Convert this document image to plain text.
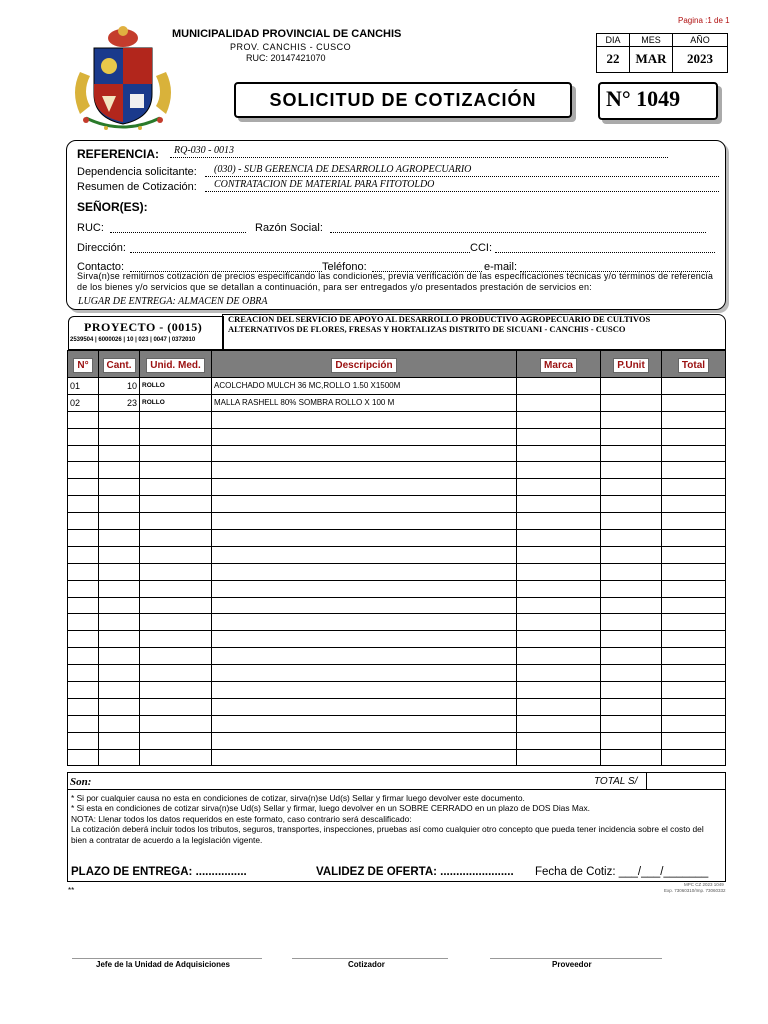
Pagina :1 de 1
MUNICIPALIDAD PROVINCIAL DE CANCHIS
PROV. CANCHIS - CUSCO
RUC: 20147421070
DIA	MES	AÑO
22	MAR	2023
SOLICITUD DE COTIZACIÓN	N° 1049
REFERENCIA: RQ-030 - 0013
Dependencia solicitante: (030) - SUB GERENCIA DE DESARROLLO AGROPECUARIO
Resumen de Cotización: CONTRATACION DE MATERIAL PARA FITOTOLDO
SEÑOR(ES):
RUC:	Razón Social:
Dirección:	CCI:
Contacto:	Teléfono:	e-mail:
Sirva(n)se remitirnos cotización de precios especificando las condiciones, previa verificación de las especificaciones técnicas y/o términos de referencia de los bienes y/o servicios que se detallan a continuación, para ser entregados y/o presentados prestación de servicios en:
LUGAR DE ENTREGA: ALMACEN DE OBRA
PROYECTO - (0015)
2539504 | 6000026 | 10 | 023 | 0047 | 0372010
CREACION DEL SERVICIO DE APOYO AL DESARROLLO PRODUCTIVO AGROPECUARIO DE CULTIVOS ALTERNATIVOS DE FLORES, FRESAS Y HORTALIZAS DISTRITO DE SICUANI - CANCHIS - CUSCO
N°	Cant.	Unid. Med.	Descripción	Marca	P.Unit	Total
01	10	ROLLO	ACOLCHADO MULCH 36 MC,ROLLO 1.50 X1500M			
02	23	ROLLO	MALLA RASHELL 80% SOMBRA ROLLO X 100 M			

Son:	TOTAL S/
* Si por cualquier causa no esta en condiciones de cotizar, sirva(n)se Ud(s) Sellar y firmar luego devolver este documento.
* Si esta en condiciones de cotizar sirva(n)se Ud(s) Sellar y firmar, luego devolver en un SOBRE CERRADO en un plazo de DOS Dias Max.
NOTA: Llenar todos los datos requeridos en este formato, caso contrario será descalificado:
La cotización deberá incluir todos los tributos, seguros, transportes, inspecciones, pruebas así como cualquier otro concepto que pueda tener incidencia sobre el costo del bien a contratar de acuerdo a la legislación vigente.
PLAZO DE ENTREGA: ................	VALIDEZ DE OFERTA: ....................... Fecha de Cotiz: ___/___/_______
MPC CZ 2023 1049
Exp. 73060310/Imp. 73060332
**
Jefe de la Unidad de Adquisiciones	Cotizador	Proveedor
